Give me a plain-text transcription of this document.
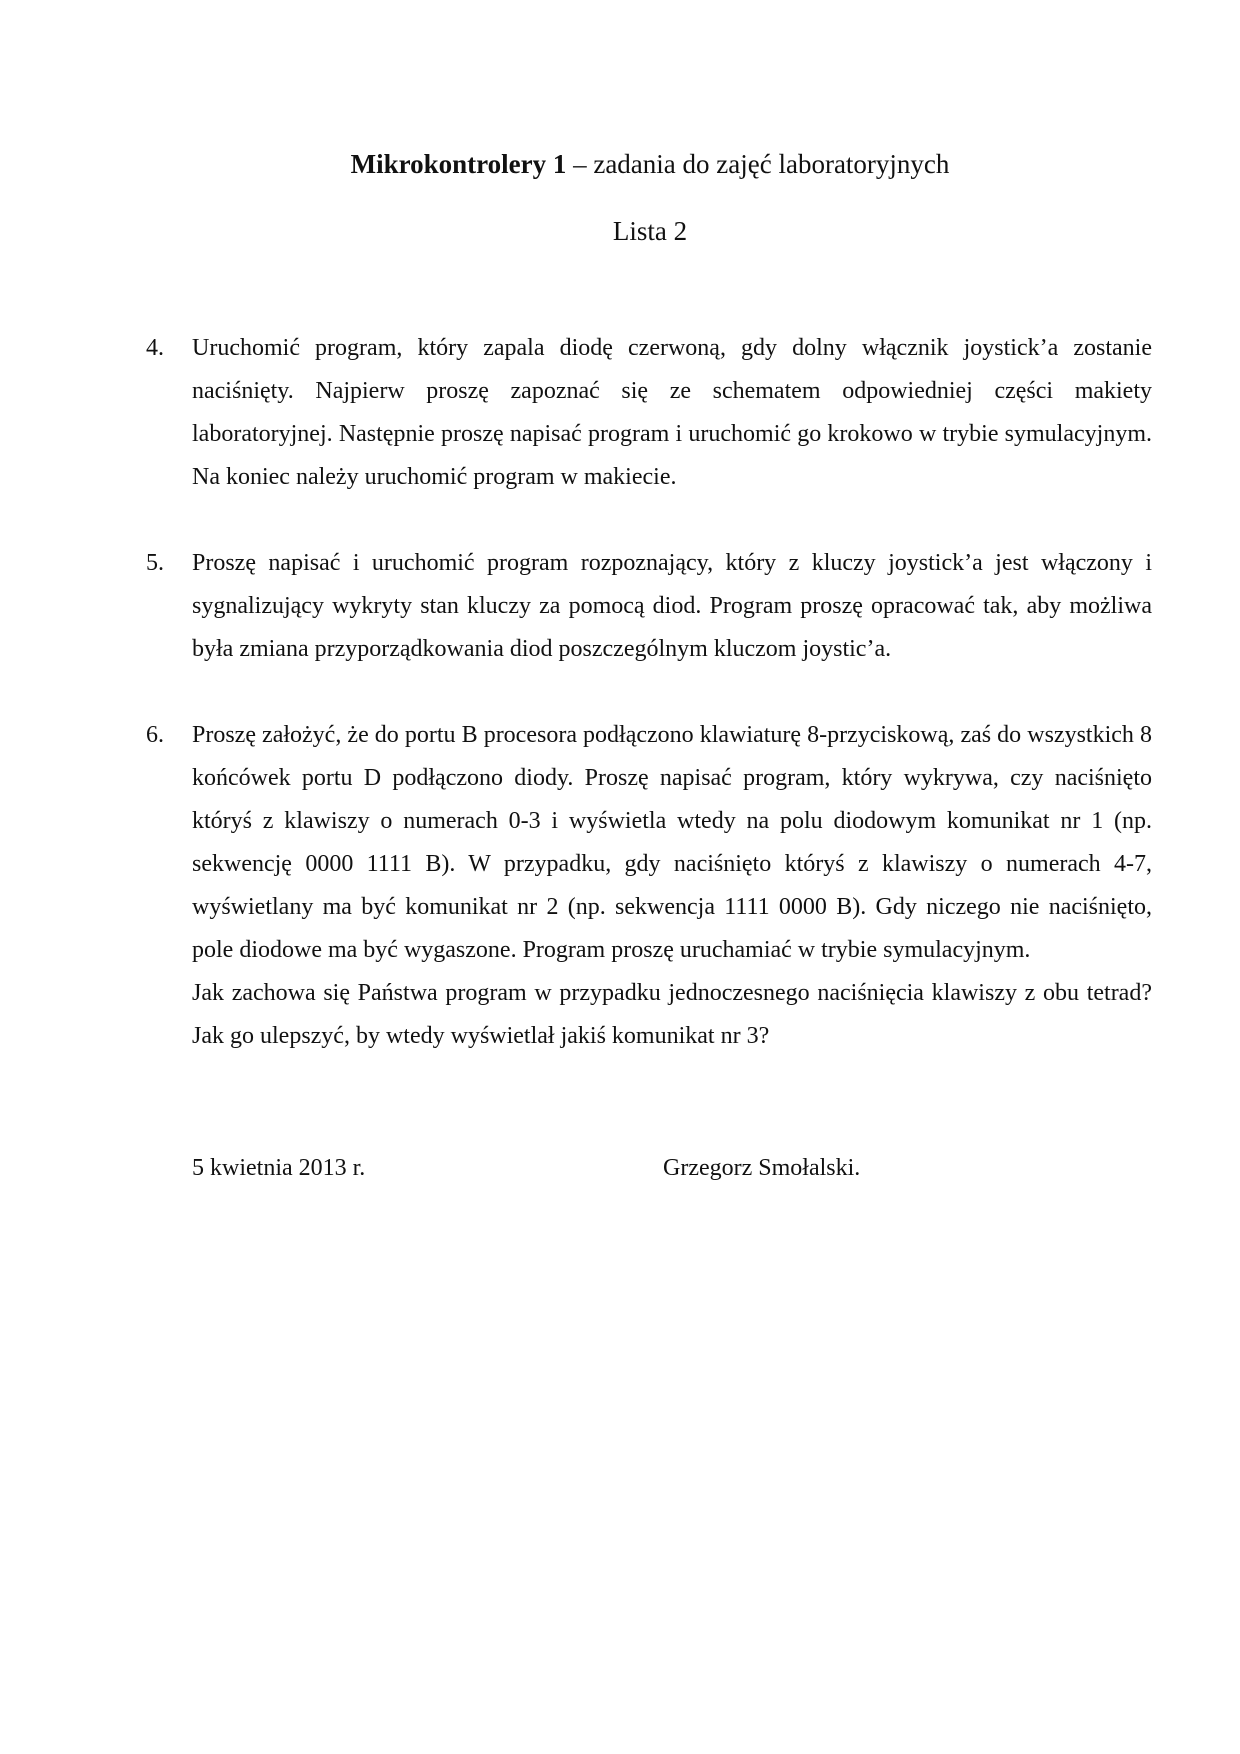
Mikrokontrolery 1 – zadania do zajęć laboratoryjnych
Lista 2
4. Uruchomić program, który zapala diodę czerwoną, gdy dolny włącznik joystick’a zostanie naciśnięty. Najpierw proszę zapoznać się ze schematem odpowiedniej części makiety laboratoryjnej. Następnie proszę napisać program i uruchomić go krokowo w trybie symulacyjnym. Na koniec należy uruchomić program w makiecie.

5. Proszę napisać i uruchomić program rozpoznający, który z kluczy joystick’a jest włączony i sygnalizujący wykryty stan kluczy za pomocą diod. Program proszę opracować tak, aby możliwa była zmiana przyporządkowania diod poszczególnym kluczom joystic’a.

6. Proszę założyć, że do portu B procesora podłączono klawiaturę 8-przyciskową, zaś do wszystkich 8 końcówek portu D podłączono diody. Proszę napisać program, który wykrywa, czy naciśnięto któryś z klawiszy o numerach 0-3 i wyświetla wtedy na polu diodowym komunikat nr 1 (np. sekwencję 0000 1111 B). W przypadku, gdy naciśnięto któryś z klawiszy o numerach 4-7, wyświetlany ma być komunikat nr 2 (np. sekwencja 1111 0000 B). Gdy niczego nie naciśnięto, pole diodowe ma być wygaszone. Program proszę uruchamiać w trybie symulacyjnym.

Jak zachowa się Państwa program w przypadku jednoczesnego naciśnięcia klawiszy z obu tetrad? Jak go ulepszyć, by wtedy wyświetlał jakiś komunikat nr 3?

5 kwietnia 2013 r.	Grzegorz Smołalski.
